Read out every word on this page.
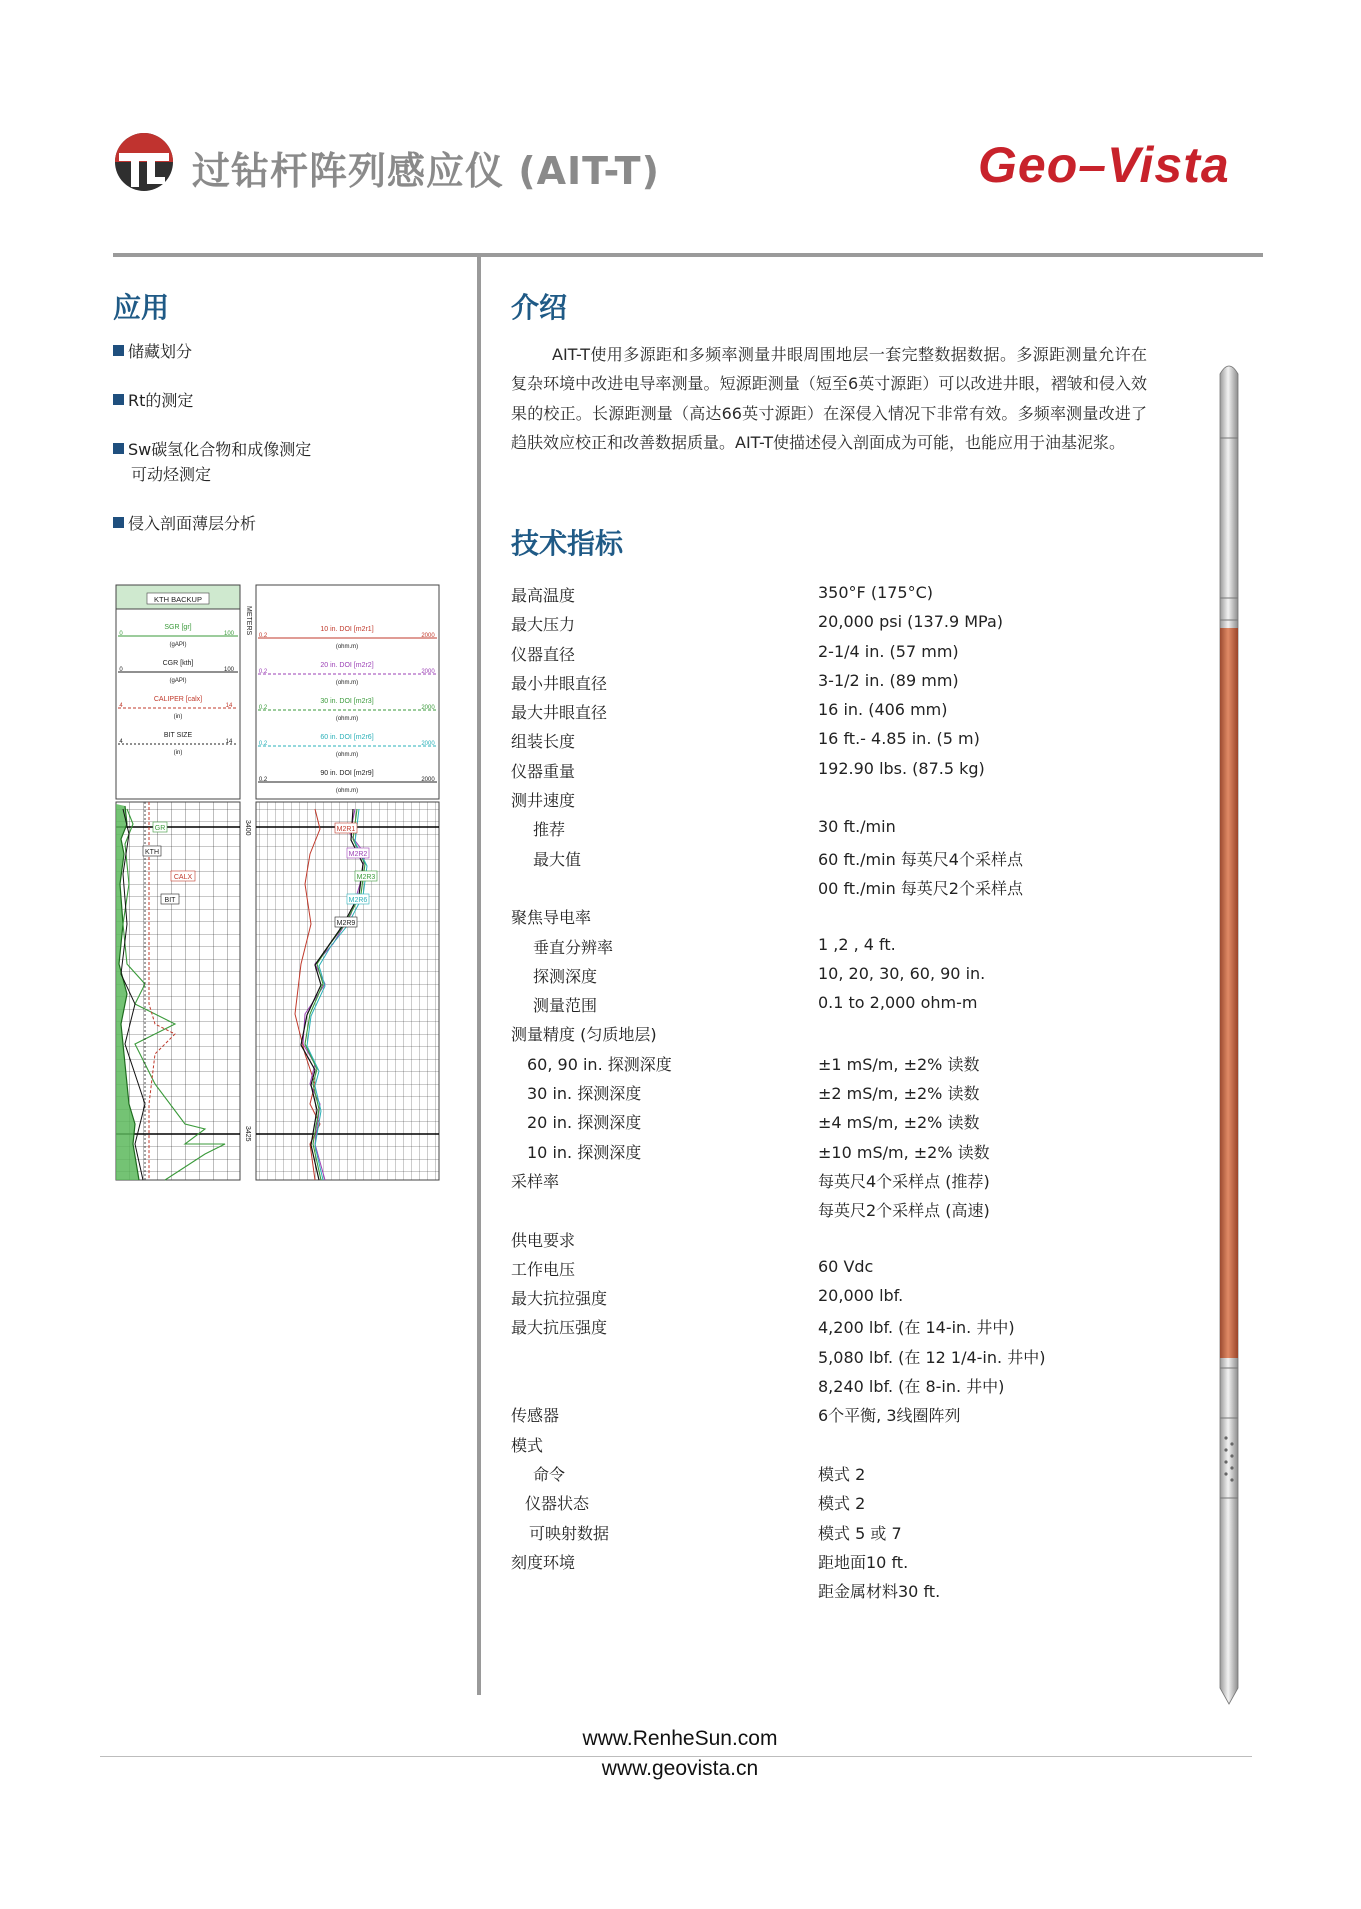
过钻杆阵列感应仪 (AIT-T)	Geo–Vista
应用
储藏划分
Rt的测定
Sw碳氢化合物和成像测定
可动烃测定
侵入剖面薄层分析
KTH BACKUP
SGR [gr]
0	100
(gAPI)
CGR [kth]
0	100
(gAPI)
CALIPER [calx]
4	14
(in)
BIT SIZE
4	14
(in)
METERS	10 in. DOI [m2r1]
0.2	2000
(ohm.m)
20 in. DOI [m2r2]
0.2	2000
(ohm.m)
30 in. DOI [m2r3]
0.2	2000
(ohm.m)
60 in. DOI [m2r6]
0.2	2000
(ohm.m)
90 in. DOI [m2r9]
0.2	2000
(ohm.m)
3400
3425
GR
KTH
CALX
BIT
M2R1
M2R2
M2R3
M2R6
M2R9
介绍

AIT-T使用多源距和多频率测量井眼周围地层一套完整数据数据。多源距测量允许在复杂环境中改进电导率测量。短源距测量（短至6英寸源距）可以改进井眼，褶皱和侵入效果的校正。长源距测量（高达66英寸源距）在深侵入情况下非常有效。多频率测量改进了趋肤效应校正和改善数据质量。AIT-T使描述侵入剖面成为可能，也能应用于油基泥浆。

技术指标
最高温度	350°F (175°C)
最大压力	20,000 psi (137.9 MPa)
仪器直径	2-1/4 in. (57 mm)
最小井眼直径	3-1/2 in. (89 mm)
最大井眼直径	16 in. (406 mm)
组装长度	16 ft.- 4.85 in. (5 m)
仪器重量	192.90 lbs. (87.5 kg)
测井速度
推荐	30 ft./min
最大值	60 ft./min 每英尺4个采样点
00 ft./min 每英尺2个采样点
聚焦导电率
垂直分辨率	1 ,2 , 4 ft.
探测深度	10, 20, 30, 60, 90 in.
测量范围	0.1 to 2,000 ohm-m
测量精度 (匀质地层)
60, 90 in. 探测深度	±1 mS/m, ±2% 读数
30 in. 探测深度	±2 mS/m, ±2% 读数
20 in. 探测深度	±4 mS/m, ±2% 读数
10 in. 探测深度	±10 mS/m, ±2% 读数
采样率	每英尺4个采样点 (推荐)
每英尺2个采样点 (高速)
供电要求
工作电压	60 Vdc
最大抗拉强度	20,000 lbf.
最大抗压强度	4,200 lbf. (在 14-in. 井中)
5,080 lbf. (在 12 1/4-in. 井中)
8,240 lbf. (在 8-in. 井中)
传感器	6个平衡, 3线圈阵列
模式
命令	模式 2
仪器状态	模式 2
可映射数据	模式 5 或 7
刻度环境	距地面10 ft.
距金属材料30 ft.
www.RenheSun.com
www.geovista.cn
